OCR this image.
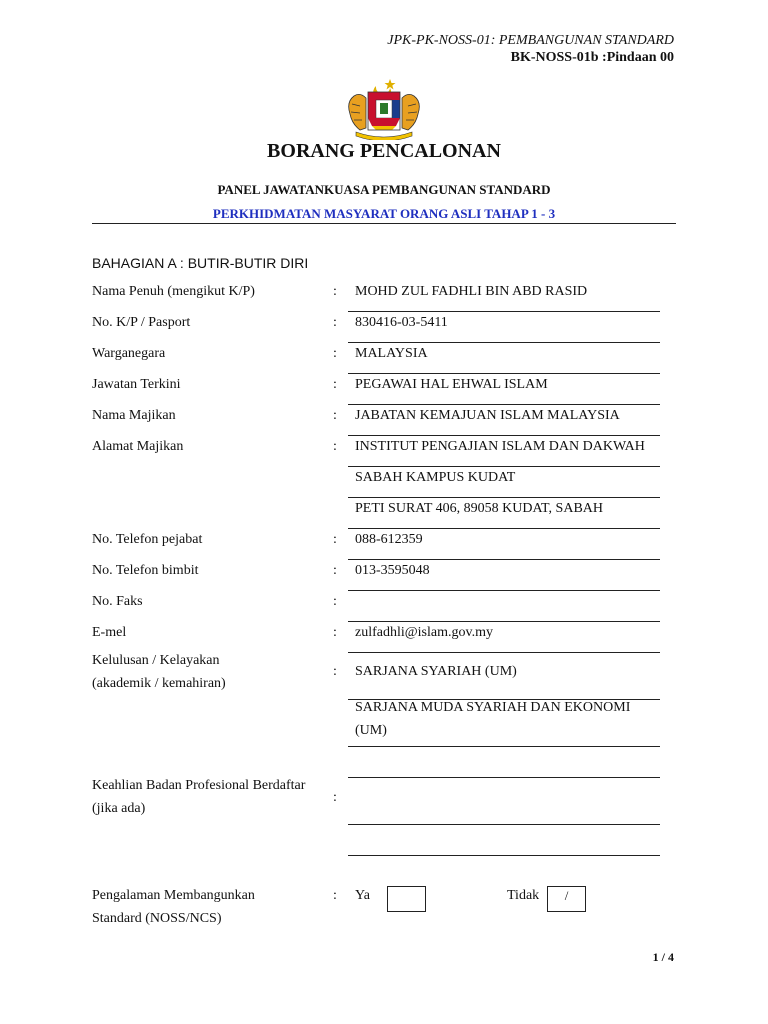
JPK-PK-NOSS-01: PEMBANGUNAN STANDARD
BK-NOSS-01b :Pindaan 00
BORANG PENCALONAN
PANEL JAWATANKUASA PEMBANGUNAN STANDARD
PERKHIDMATAN MASYARAT ORANG ASLI TAHAP 1 - 3
BAHAGIAN A : BUTIR-BUTIR DIRI
Nama Penuh (mengikut K/P)	: MOHD ZUL FADHLI BIN ABD RASID
No. K/P / Pasport	: 830416-03-5411
Warganegara	: MALAYSIA
Jawatan Terkini	: PEGAWAI HAL EHWAL ISLAM
Nama Majikan	: JABATAN KEMAJUAN ISLAM MALAYSIA
Alamat Majikan	: INSTITUT PENGAJIAN ISLAM DAN DAKWAH
SABAH KAMPUS KUDAT
PETI SURAT 406, 89058 KUDAT, SABAH
No. Telefon pejabat	: 088-612359
No. Telefon bimbit	: 013-3595048
No. Faks	:
E-mel	: zulfadhli@islam.gov.my
Kelulusan / Kelayakan
(akademik / kemahiran)
: SARJANA SYARIAH (UM)
SARJANA MUDA SYARIAH DAN EKONOMI
(UM)
Keahlian Badan Profesional Berdaftar
(jika ada)
:
Pengalaman Membangunkan
Standard (NOSS/NCS)
: Ya	Tidak	/
1 / 4
